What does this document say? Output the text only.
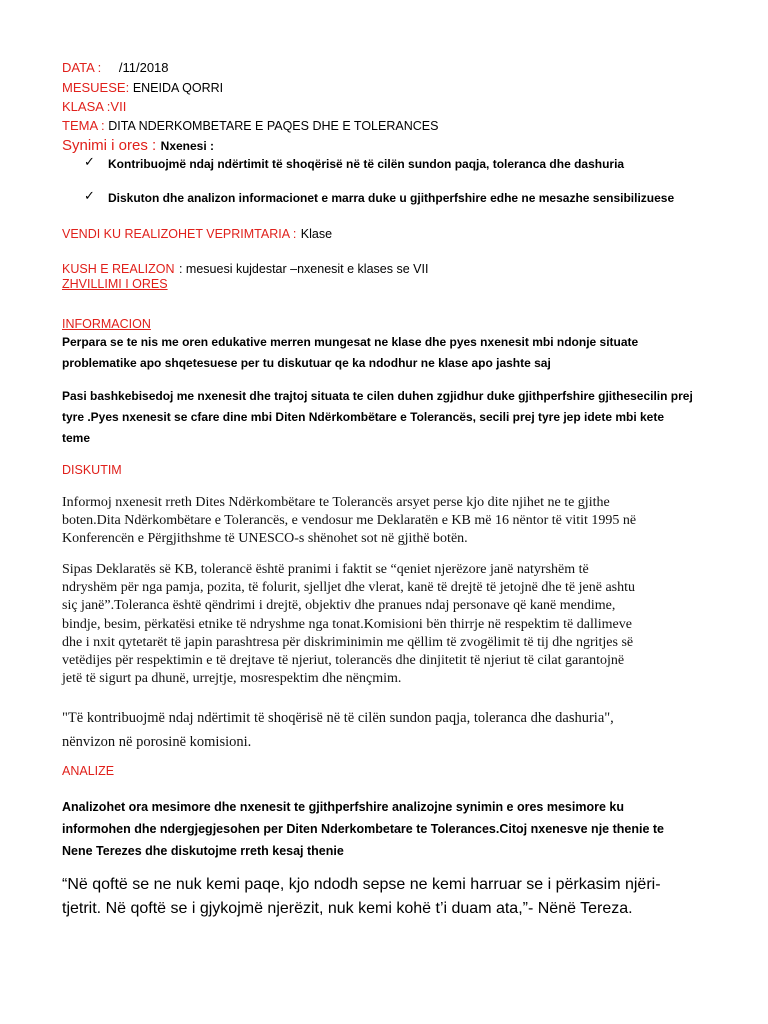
DATA : /11/2018
MESUESE: ENEIDA QORRI
KLASA :VII
TEMA : DITA NDERKOMBETARE E PAQES DHE E TOLERANCES
Synimi i ores : Nxenesi :
✓ Kontribuojmë ndaj ndërtimit të shoqërisë në të cilën sundon paqja, toleranca dhe dashuria
✓ Diskuton dhe analizon informacionet e marra duke u gjithperfshire edhe ne mesazhe sensibilizuese
VENDI KU REALIZOHET VEPRIMTARIA : Klase
KUSH E REALIZON : mesuesi kujdestar –nxenesit e klases se VII
ZHVILLIMI I ORES
INFORMACION
Perpara se te nis me oren edukative merren mungesat ne klase dhe pyes nxenesit mbi ndonje situate
problematike apo shqetesuese per tu diskutuar qe ka ndodhur ne klase apo jashte saj
Pasi bashkebisedoj me nxenesit dhe trajtoj situata te cilen duhen zgjidhur duke gjithperfshire gjithesecilin prej
tyre .Pyes nxenesit se cfare dine mbi Diten Ndërkombëtare e Tolerancës, secili prej tyre jep idete mbi kete
teme
DISKUTIM
Informoj nxenesit rreth Dites Ndërkombëtare te Tolerancës arsyet perse kjo dite njihet ne te gjithe
boten.Dita Ndërkombëtare e Tolerancës, e vendosur me Deklaratën e KB më 16 nëntor të vitit 1995 në
Konferencën e Përgjithshme të UNESCO-s shënohet sot në gjithë botën.
Sipas Deklaratës së KB, tolerancë është pranimi i faktit se “qeniet njerëzore janë natyrshëm të
ndryshëm për nga pamja, pozita, të folurit, sjelljet dhe vlerat, kanë të drejtë të jetojnë dhe të jenë ashtu
siç janë”.Toleranca është qëndrimi i drejtë, objektiv dhe pranues ndaj personave që kanë mendime,
bindje, besim, përkatësi etnike të ndryshme nga tonat.Komisioni bën thirrje në respektim të dallimeve
dhe i nxit qytetarët të japin parashtresa për diskriminimin me qëllim të zvogëlimit të tij dhe ngritjes së
vetëdijes për respektimin e të drejtave të njeriut, tolerancës dhe dinjitetit të njeriut të cilat garantojnë
jetë të sigurt pa dhunë, urrejtje, mosrespektim dhe nënçmim.
"Të kontribuojmë ndaj ndërtimit të shoqërisë në të cilën sundon paqja, toleranca dhe dashuria",
nënvizon në porosinë komisioni.
ANALIZE
Analizohet ora mesimore dhe nxenesit te gjithperfshire analizojne synimin e ores mesimore ku
informohen dhe ndergjegjesohen per Diten Nderkombetare te Tolerances.Citoj nxenesve nje thenie te
Nene Terezes dhe diskutojme rreth kesaj thenie
“Në qoftë se ne nuk kemi paqe, kjo ndodh sepse ne kemi harruar se i përkasim njëri-
tjetrit. Në qoftë se i gjykojmë njerëzit, nuk kemi kohë t’i duam ata,”- Nënë Tereza.
